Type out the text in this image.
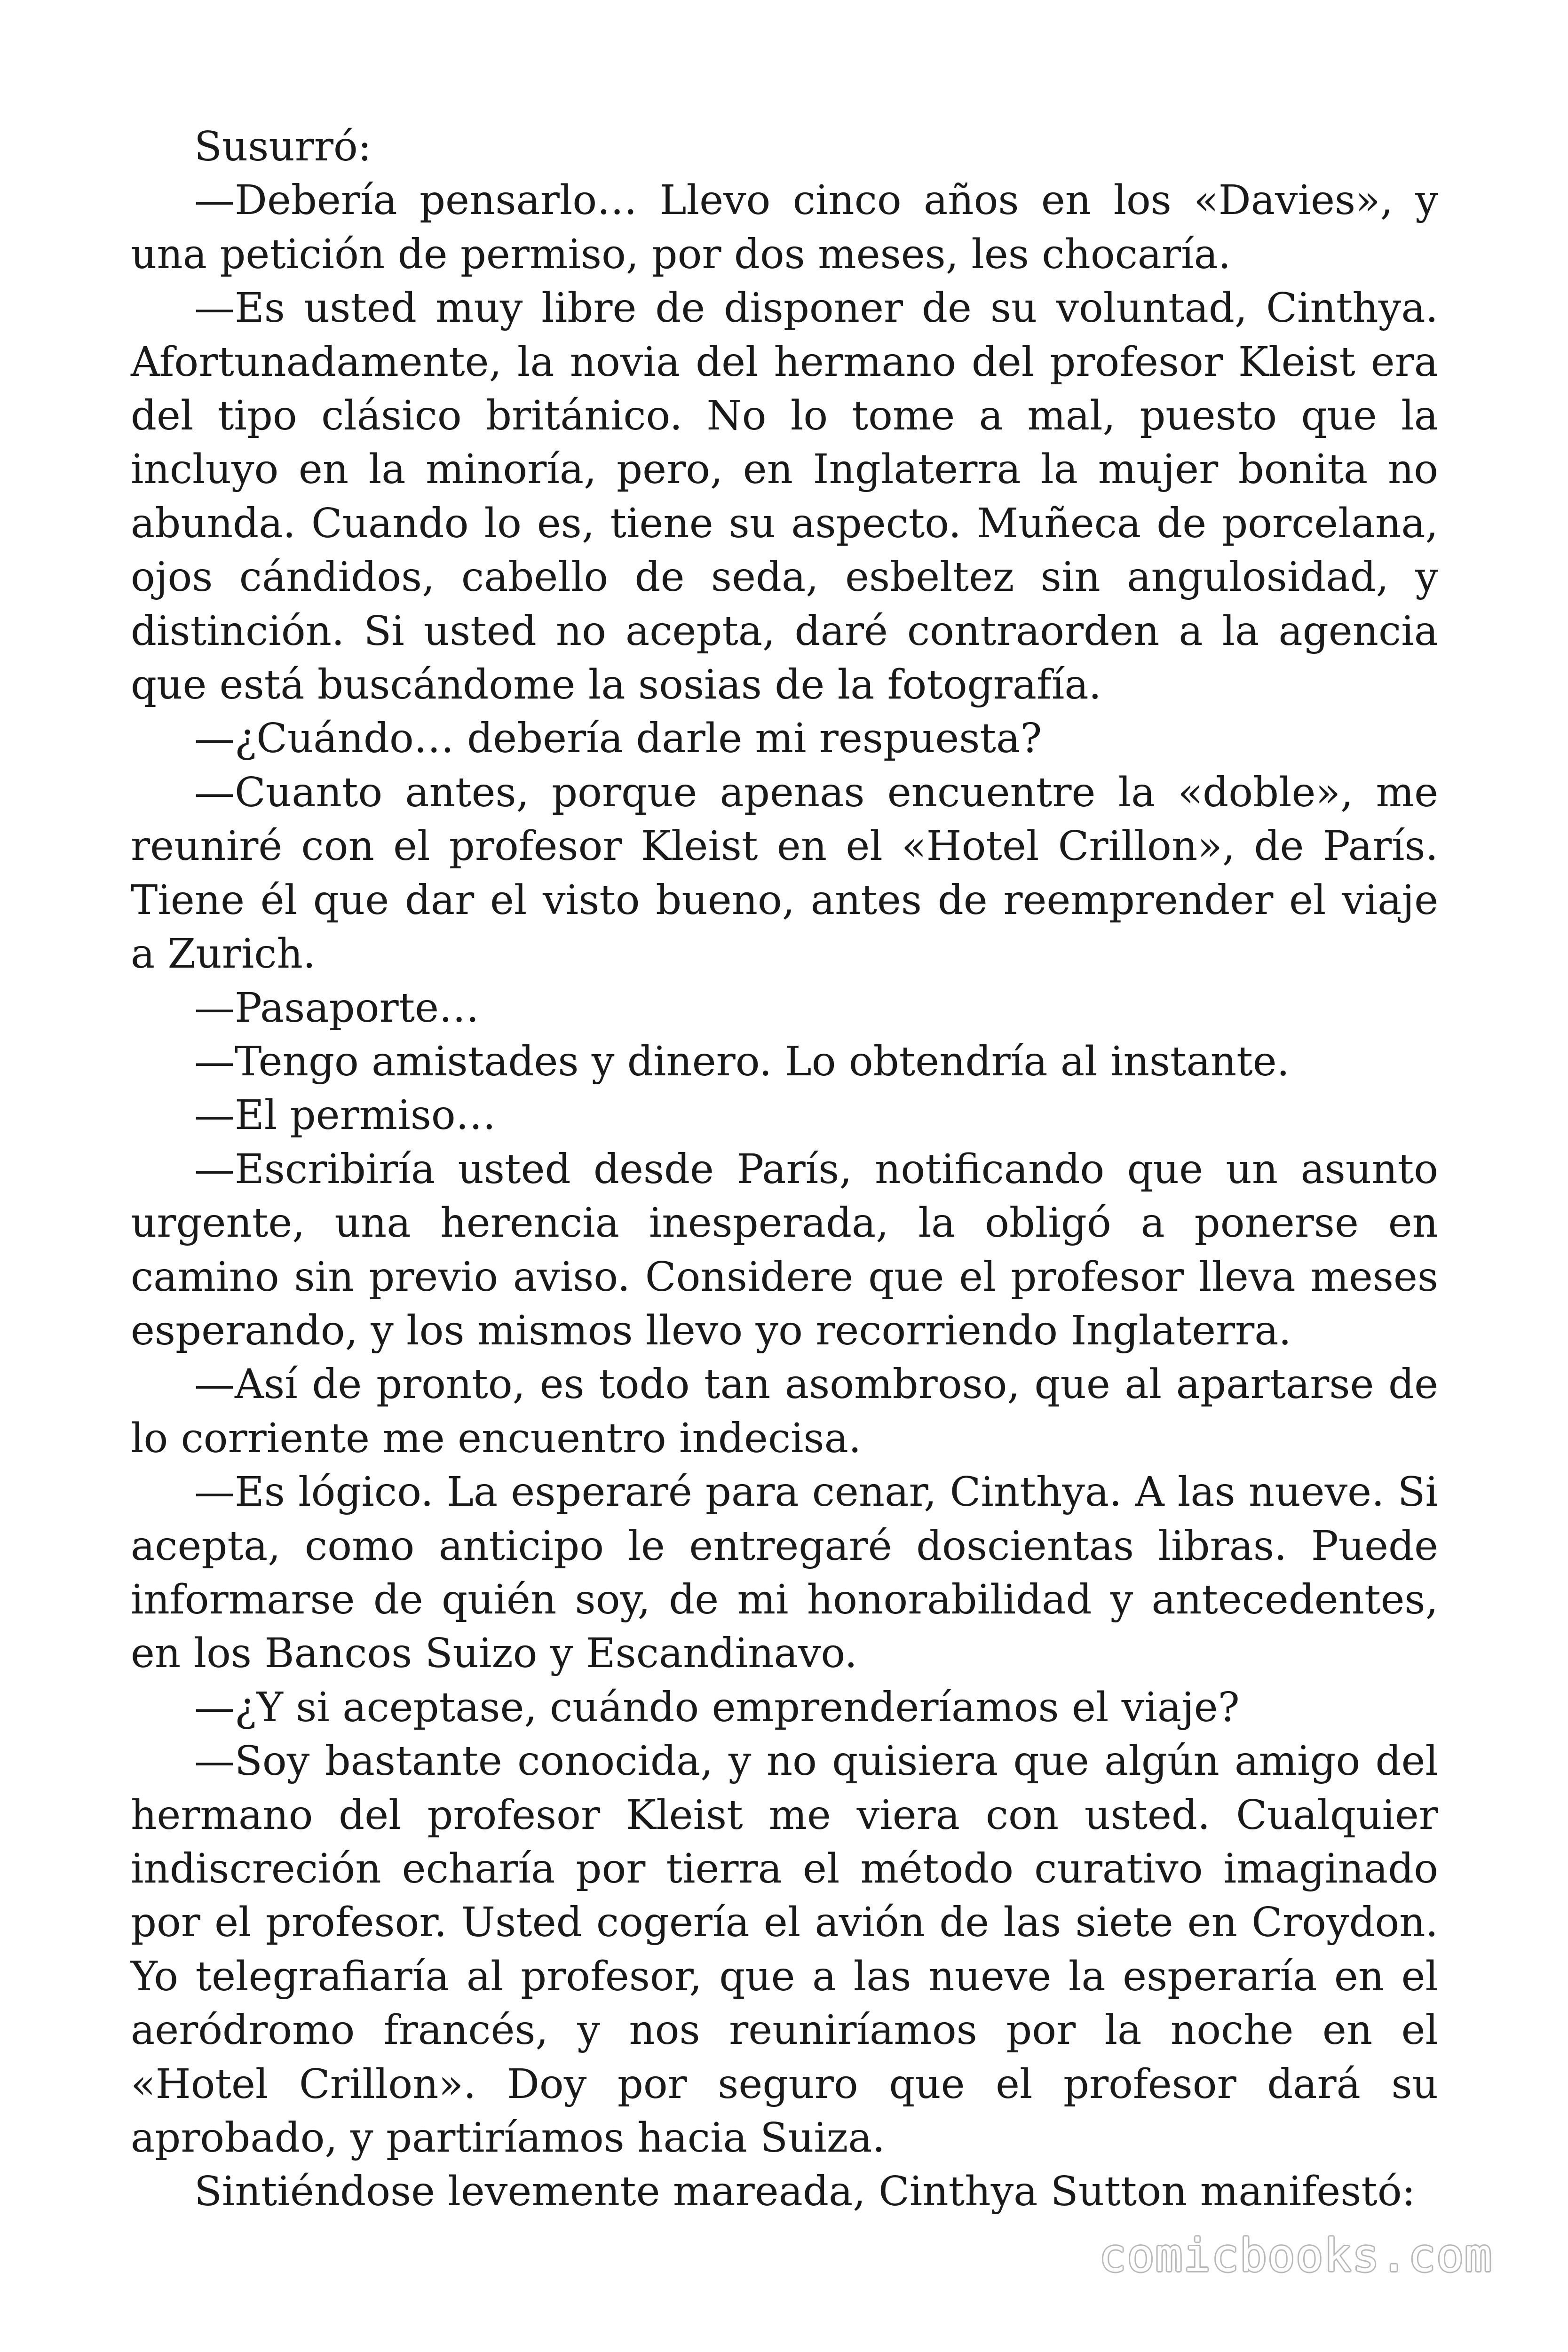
Susurró:

—Debería pensarlo… Llevo cinco años en los «Davies», y una petición de permiso, por dos meses, les chocaría.

—Es usted muy libre de disponer de su voluntad, Cinthya. Afortunadamente, la novia del hermano del profesor Kleist era del tipo clásico británico. No lo tome a mal, puesto que la incluyo en la minoría, pero, en Inglaterra la mujer bonita no abunda. Cuando lo es, tiene su aspecto. Muñeca de porcelana, ojos cándidos, cabello de seda, esbeltez sin angulosidad, y distinción. Si usted no acepta, daré contraorden a la agencia que está buscándome la sosias de la fotografía.

—¿Cuándo… debería darle mi respuesta?

—Cuanto antes, porque apenas encuentre la «doble», me reuniré con el profesor Kleist en el «Hotel Crillon», de París. Tiene él que dar el visto bueno, antes de reemprender el viaje a Zurich.

—Pasaporte…

—Tengo amistades y dinero. Lo obtendría al instante.

—El permiso…

—Escribiría usted desde París, notificando que un asunto urgente, una herencia inesperada, la obligó a ponerse en camino sin previo aviso. Considere que el profesor lleva meses esperando, y los mismos llevo yo recorriendo Inglaterra.

—Así de pronto, es todo tan asombroso, que al apartarse de lo corriente me encuentro indecisa.

—Es lógico. La esperaré para cenar, Cinthya. A las nueve. Si acepta, como anticipo le entregaré doscientas libras. Puede informarse de quién soy, de mi honorabilidad y antecedentes, en los Bancos Suizo y Escandinavo.

—¿Y si aceptase, cuándo emprenderíamos el viaje?

—Soy bastante conocida, y no quisiera que algún amigo del hermano del profesor Kleist me viera con usted. Cualquier indiscreción echaría por tierra el método curativo imaginado por el profesor. Usted cogería el avión de las siete en Croydon. Yo telegrafiaría al profesor, que a las nueve la esperaría en el aeródromo francés, y nos reuniríamos por la noche en el «Hotel Crillon». Doy por seguro que el profesor dará su aprobado, y partiríamos hacia Suiza.

Sintiéndose levemente mareada, Cinthya Sutton manifestó:

comicbooks.com
